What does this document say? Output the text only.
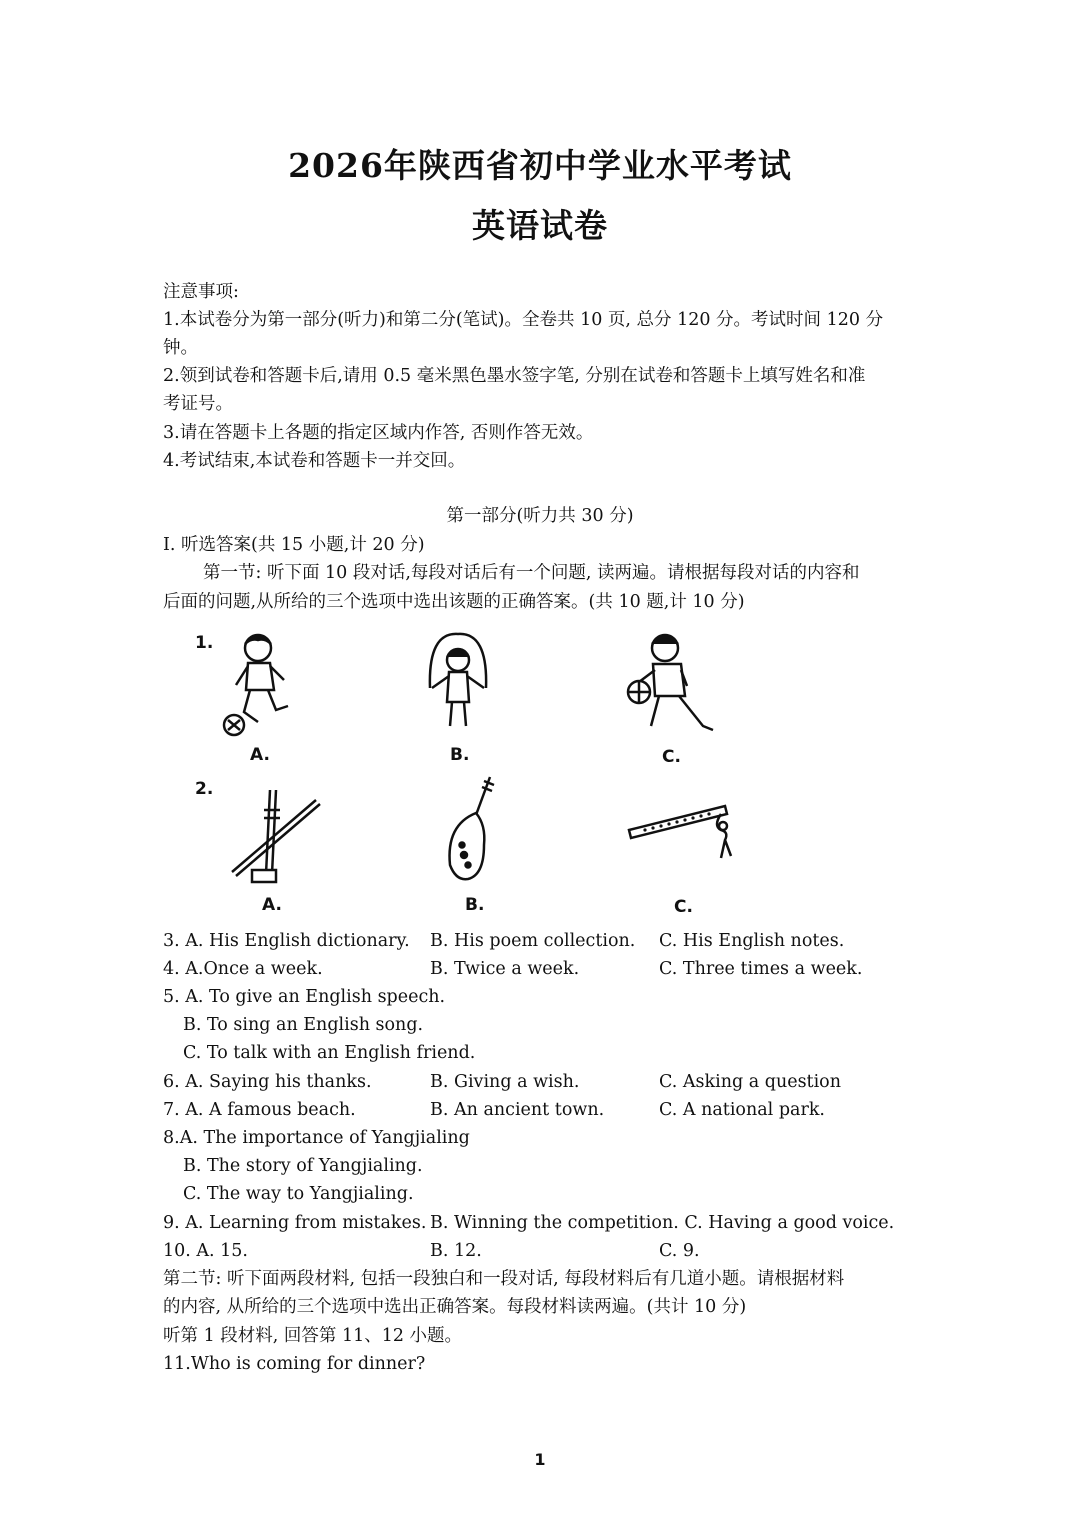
2026年陕西省初中学业水平考试
英语试卷
注意事项:
1.本试卷分为第一部分(听力)和第二分(笔试)。全卷共 10 页, 总分 120 分。考试时间 120 分
钟。
2.领到试卷和答题卡后,请用 0.5 毫米黑色墨水签字笔, 分别在试卷和答题卡上填写姓名和准
考证号。
3.请在答题卡上各题的指定区域内作答, 否则作答无效。
4.考试结束,本试卷和答题卡一并交回。
第一部分(听力共 30 分)
I. 听选答案(共 15 小题,计 20 分)
第一节: 听下面 10 段对话,每段对话后有一个问题, 读两遍。请根据每段对话的内容和
后面的问题,从所给的三个选项中选出该题的正确答案。(共 10 题,计 10 分)
1.
A.	B.	C.
2.
A.	B.	C.
3. A. His English dictionary. B. His poem collection. C. His English notes.
4. A.Once a week.	B. Twice a week.	C. Three times a week.
5. A. To give an English speech.
B. To sing an English song.
C. To talk with an English friend.
6. A. Saying his thanks.	B. Giving a wish.	C. Asking a question
7. A. A famous beach.	B. An ancient town.	C. A national park.
8.A. The importance of Yangjialing
B. The story of Yangjialing.
C. The way to Yangjialing.
9. A. Learning from mistakes. B. Winning the competition. C. Having a good voice.
10. A. 15.	B. 12.	C. 9.
第二节: 听下面两段材料, 包括一段独白和一段对话, 每段材料后有几道小题。请根据材料
的内容, 从所给的三个选项中选出正确答案。每段材料读两遍。(共计 10 分)
听第 1 段材料, 回答第 11、12 小题。
11.Who is coming for dinner?
1
